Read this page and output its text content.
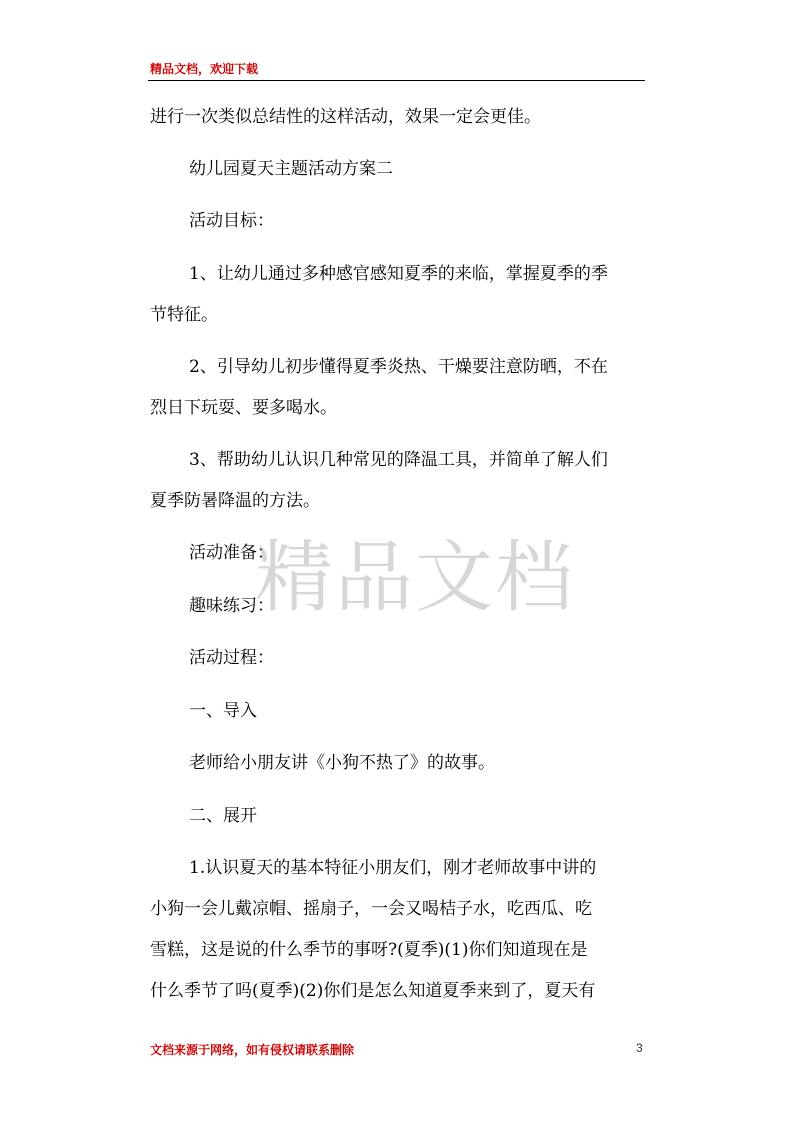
精品文档，欢迎下载
进行一次类似总结性的这样活动，效果一定会更佳。
幼儿园夏天主题活动方案二
活动目标：
1、让幼儿通过多种感官感知夏季的来临，掌握夏季的季
节特征。
2、引导幼儿初步懂得夏季炎热、干燥要注意防晒，不在
烈日下玩耍、要多喝水。
3、帮助幼儿认识几种常见的降温工具，并简单了解人们
夏季防暑降温的方法。
活动准备：
趣味练习：
活动过程：
一、导入
老师给小朋友讲《小狗不热了》的故事。
二、展开
1.认识夏天的基本特征小朋友们，刚才老师故事中讲的
小狗一会儿戴凉帽、摇扇子，一会又喝桔子水，吃西瓜、吃
雪糕，这是说的什么季节的事呀?(夏季)(1)你们知道现在是
什么季节了吗(夏季)(2)你们是怎么知道夏季来到了，夏天有
精品文档
文档来源于网络，如有侵权请联系删除	3
